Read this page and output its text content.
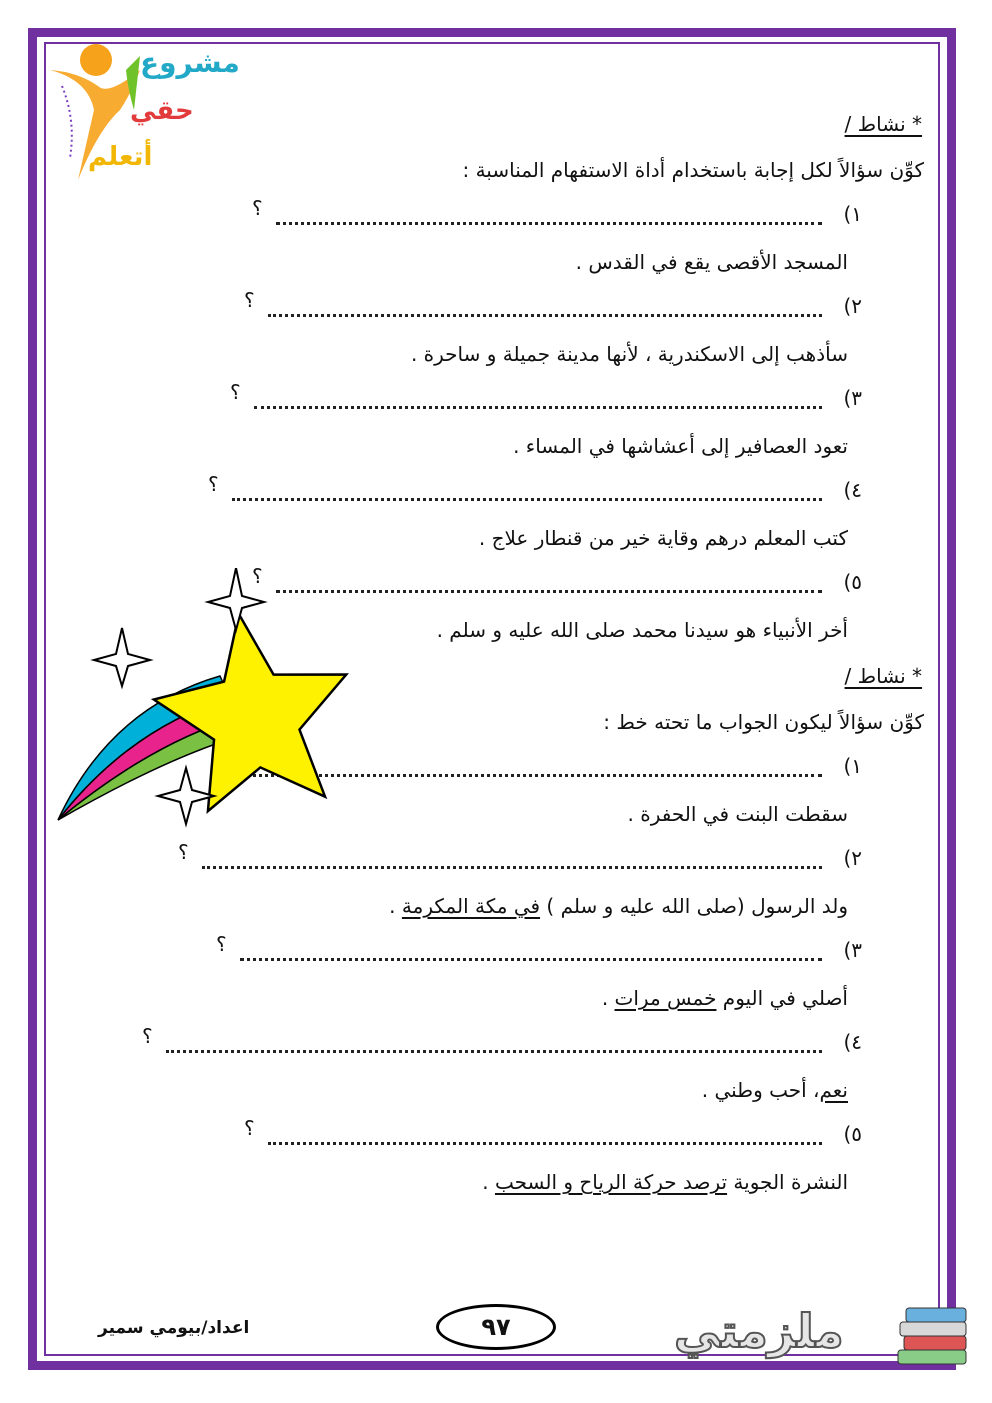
مشروع
حقي
أتعلم
* نشاط /
كوِّن سؤالاً لكل إجابة باستخدام أداة الاستفهام المناسبة :
١)
؟
المسجد الأقصى يقع في القدس .
٢)
؟
سأذهب إلى الاسكندرية ، لأنها مدينة جميلة و ساحرة .
٣)
؟
تعود العصافير إلى أعشاشها في المساء .
٤)
؟
كتب المعلم درهم وقاية خير من قنطار علاج .
٥)
؟
أخر الأنبياء هو سيدنا محمد صلى الله عليه و سلم .
* نشاط /
كوِّن سؤالاً ليكون الجواب ما تحته خط :
١)
سقطت البنت في الحفرة .
٢)
؟
ولد الرسول (صلى الله عليه و سلم ) في مكة المكرمة .
٣)
؟
أصلي في اليوم خمس مرات .
٤)
؟
نعم، أحب وطني .
٥)
؟
النشرة الجوية ترصد حركة الرياح و السحب .
٩٧
اعداد/بيومي سمير	ملزمتي
